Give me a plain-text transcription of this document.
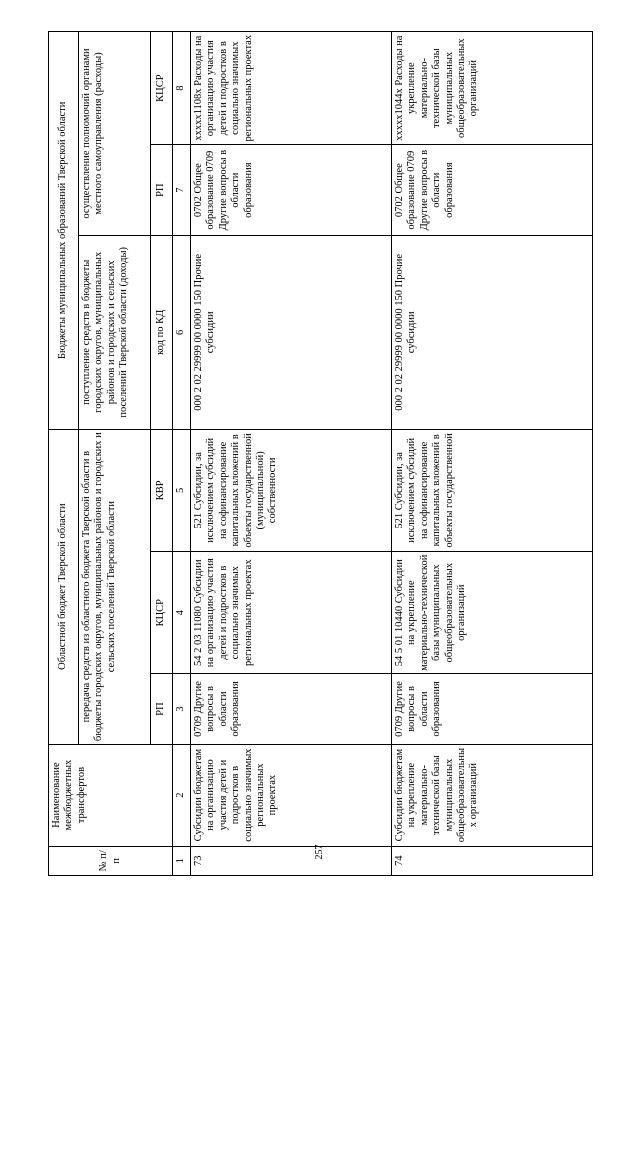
257
№ п/п	Наименование межбюджетных трансфертов	Областной бюджет Тверской области			Бюджеты муниципальных образований Тверской области		
		передача средств из областного бюджета Тверской области в бюджеты городских округов, муниципальных районов и городских и сельских поселений Тверской области			поступление средств в бюджеты городских округов, муниципальных районов и городских и сельских поселений Тверской области (доходы)	осуществление полномочий органами местного самоуправления (расходы)	
		РП	КЦСР	КВР	код по КД	РП	КЦСР
1	2	3	4	5	6	7	8
73	Субсидии бюджетам на организацию участия детей и подростков в социально значимых региональных проектах	0709 Другие вопросы в области образования	54 2 03 11080 Субсидии на организацию участия детей и подростков в социально значимых региональных проектах	521 Субсидии, за исключением субсидий на софинансирование капитальных вложений в объекты государственной (муниципальной) собственности	000 2 02 29999 00 0000 150 Прочие субсидии	0702 Общее образование 0709 Другие вопросы в области образования	xxxxx1108x Расходы на организацию участия детей и подростков в социально значимых региональных проектах
74	Субсидии бюджетам на укрепление материально-технической базы муниципальных общеобразовательных организаций	0709 Другие вопросы в области образования	54 5 01 10440 Субсидии на укрепление материально-технической базы муниципальных общеобразовательных организаций	521 Субсидии, за исключением субсидий на софинансирование капитальных вложений в объекты государственной	000 2 02 29999 00 0000 150 Прочие субсидии	0702 Общее образование 0709 Другие вопросы в области образования	xxxxx1044x Расходы на укрепление материально-технической базы муниципальных общеобразовательных организаций
